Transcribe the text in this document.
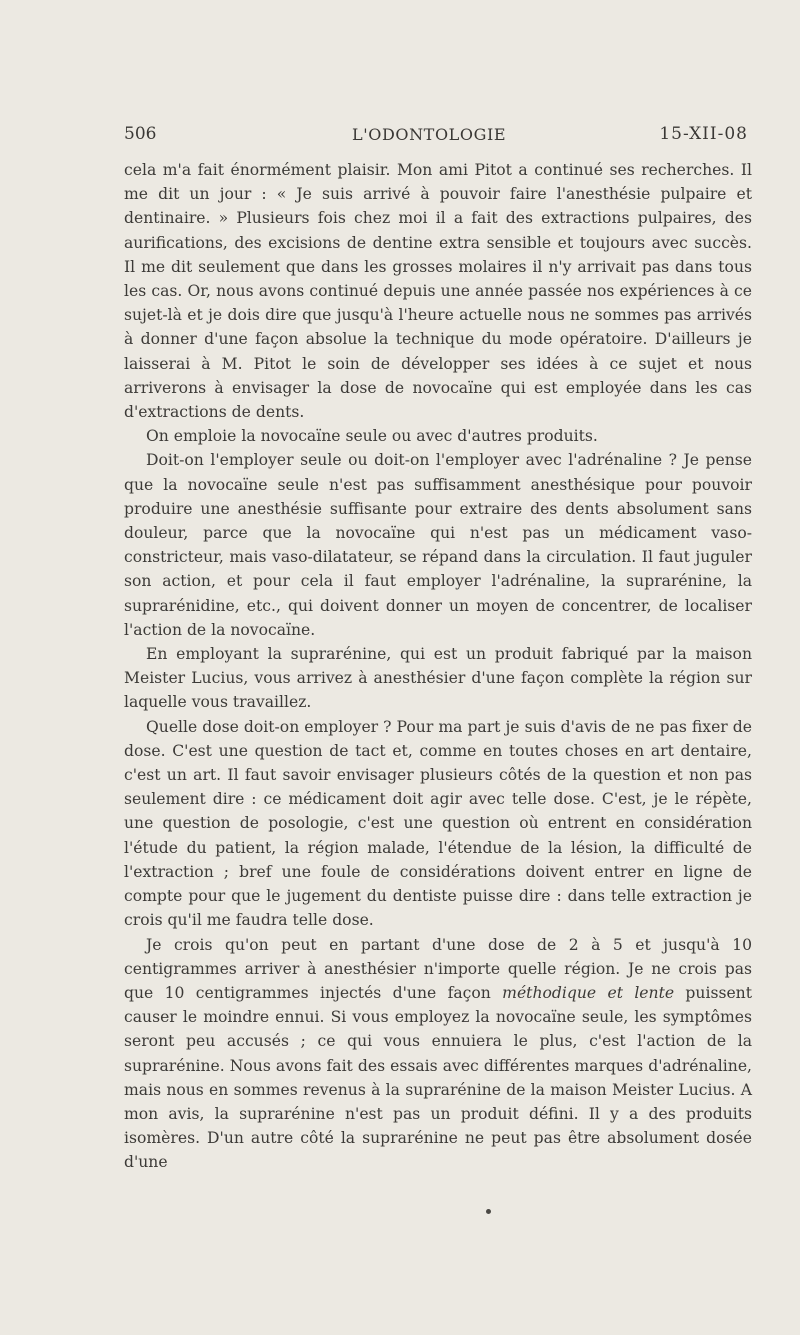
506	L'ODONTOLOGIE	15-XII-08

cela m'a fait énormément plaisir. Mon ami Pitot a continué ses recherches. Il me dit un jour : « Je suis arrivé à pouvoir faire l'anesthésie pulpaire et dentinaire. » Plusieurs fois chez moi il a fait des extractions pulpaires, des aurifications, des excisions de dentine extra sensible et toujours avec succès. Il me dit seulement que dans les grosses molaires il n'y arrivait pas dans tous les cas. Or, nous avons continué depuis une année passée nos expériences à ce sujet-là et je dois dire que jusqu'à l'heure actuelle nous ne sommes pas arrivés à donner d'une façon absolue la technique du mode opératoire. D'ailleurs je laisserai à M. Pitot le soin de développer ses idées à ce sujet et nous arriverons à envisager la dose de novocaïne qui est employée dans les cas d'extractions de dents.

On emploie la novocaïne seule ou avec d'autres produits.

Doit-on l'employer seule ou doit-on l'employer avec l'adrénaline ? Je pense que la novocaïne seule n'est pas suffisamment anesthésique pour pouvoir produire une anesthésie suffisante pour extraire des dents absolument sans douleur, parce que la novocaïne qui n'est pas un médicament vaso-constricteur, mais vaso-dilatateur, se répand dans la circulation. Il faut juguler son action, et pour cela il faut employer l'adrénaline, la suprarénine, la suprarénidine, etc., qui doivent donner un moyen de concentrer, de localiser l'action de la novocaïne.

En employant la suprarénine, qui est un produit fabriqué par la maison Meister Lucius, vous arrivez à anesthésier d'une façon complète la région sur laquelle vous travaillez.

Quelle dose doit-on employer ? Pour ma part je suis d'avis de ne pas fixer de dose. C'est une question de tact et, comme en toutes choses en art dentaire, c'est un art. Il faut savoir envisager plusieurs côtés de la question et non pas seulement dire : ce médicament doit agir avec telle dose. C'est, je le répète, une question de posologie, c'est une question où entrent en considération l'étude du patient, la région malade, l'étendue de la lésion, la difficulté de l'extraction ; bref une foule de considérations doivent entrer en ligne de compte pour que le jugement du dentiste puisse dire : dans telle extraction je crois qu'il me faudra telle dose.

Je crois qu'on peut en partant d'une dose de 2 à 5 et jusqu'à 10 centigrammes arriver à anesthésier n'importe quelle région. Je ne crois pas que 10 centigrammes injectés d'une façon méthodique et lente puissent causer le moindre ennui. Si vous employez la novocaïne seule, les symptômes seront peu accusés ; ce qui vous ennuiera le plus, c'est l'action de la suprarénine. Nous avons fait des essais avec différentes marques d'adrénaline, mais nous en sommes revenus à la suprarénine de la maison Meister Lucius. A mon avis, la suprarénine n'est pas un produit défini. Il y a des produits isomères. D'un autre côté la suprarénine ne peut pas être absolument dosée d'une
